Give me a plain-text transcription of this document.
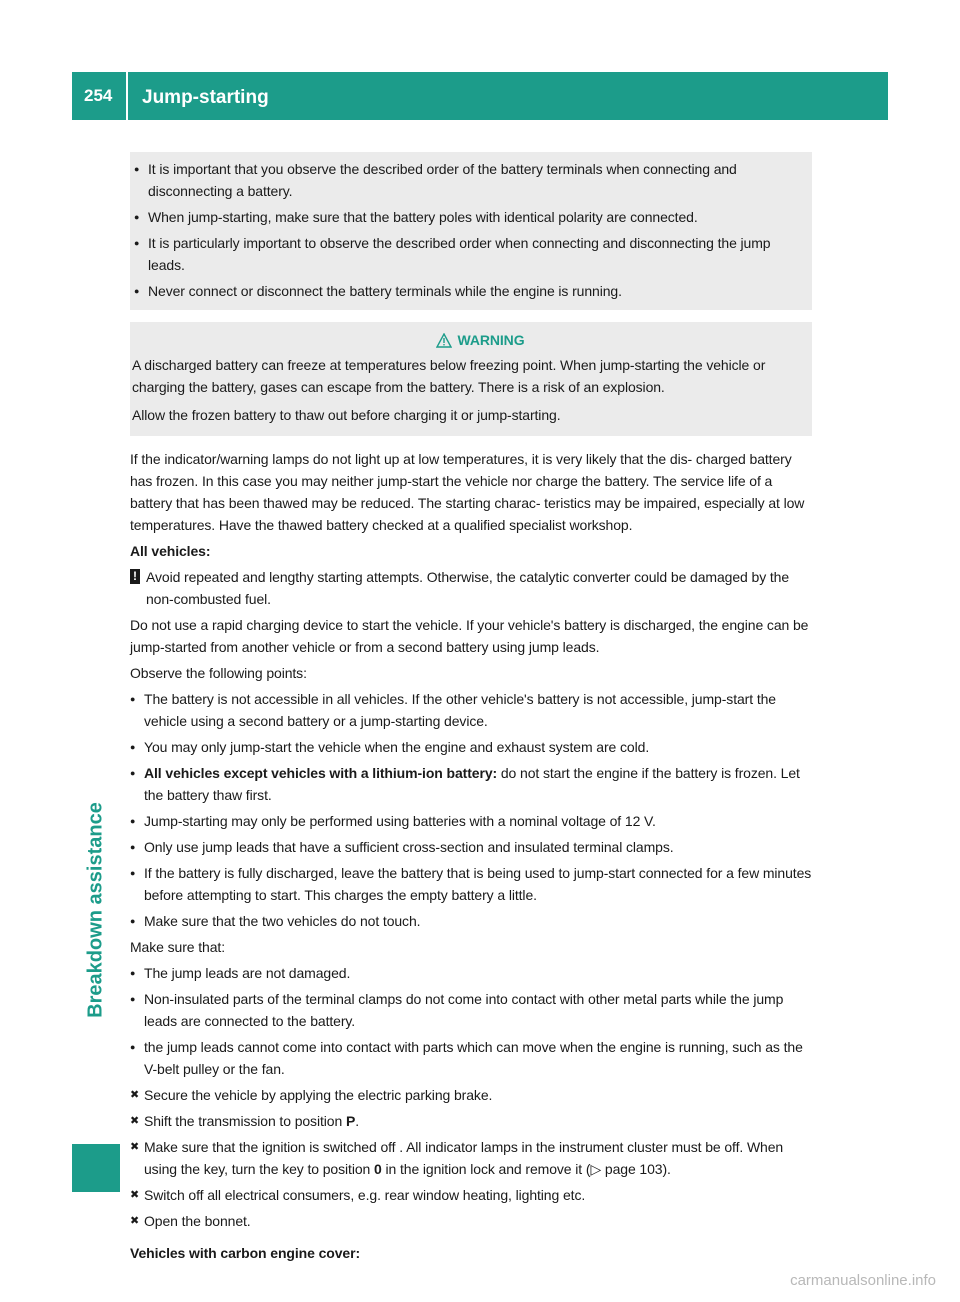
254 Jump-starting
Breakdown assistance
● It is important that you observe the described order of the battery terminals when connecting and disconnecting a battery.
● When jump-starting, make sure that the battery poles with identical polarity are connected.
● It is particularly important to observe the described order when connecting and disconnecting the jump leads.
● Never connect or disconnect the battery terminals while the engine is running.
WARNING
A discharged battery can freeze at temperatures below freezing point. When jump-starting the vehicle or charging the battery, gases can escape from the battery. There is a risk of an explosion.
Allow the frozen battery to thaw out before charging it or jump-starting.

If the indicator/warning lamps do not light up at low temperatures, it is very likely that the dis- charged battery has frozen. In this case you may neither jump-start the vehicle nor charge the battery. The service life of a battery that has been thawed may be reduced. The starting charac- teristics may be impaired, especially at low temperatures. Have the thawed battery checked at a qualified specialist workshop.

All vehicles:

! Avoid repeated and lengthy starting attempts. Otherwise, the catalytic converter could be damaged by the non-combusted fuel.

Do not use a rapid charging device to start the vehicle. If your vehicle's battery is discharged, the engine can be jump-started from another vehicle or from a second battery using jump leads.

Observe the following points:

● The battery is not accessible in all vehicles. If the other vehicle's battery is not accessible, jump-start the vehicle using a second battery or a jump-starting device.
● You may only jump-start the vehicle when the engine and exhaust system are cold.
● All vehicles except vehicles with a lithium-ion battery: do not start the engine if the battery is frozen. Let the battery thaw first.
● Jump-starting may only be performed using batteries with a nominal voltage of 12 V.
● Only use jump leads that have a sufficient cross-section and insulated terminal clamps.
● If the battery is fully discharged, leave the battery that is being used to jump-start connected for a few minutes before attempting to start. This charges the empty battery a little.
● Make sure that the two vehicles do not touch.

Make sure that:

● The jump leads are not damaged.
● Non-insulated parts of the terminal clamps do not come into contact with other metal parts while the jump leads are connected to the battery.
● the jump leads cannot come into contact with parts which can move when the engine is running, such as the V-belt pulley or the fan.
✖ Secure the vehicle by applying the electric parking brake.
✖ Shift the transmission to position P.
✖ Make sure that the ignition is switched off . All indicator lamps in the instrument cluster must be off. When using the key, turn the key to position 0 in the ignition lock and remove it (▷ page 103).
✖ Switch off all electrical consumers, e.g. rear window heating, lighting etc.
✖ Open the bonnet.

Vehicles with carbon engine cover:

carmanualsonline.info
